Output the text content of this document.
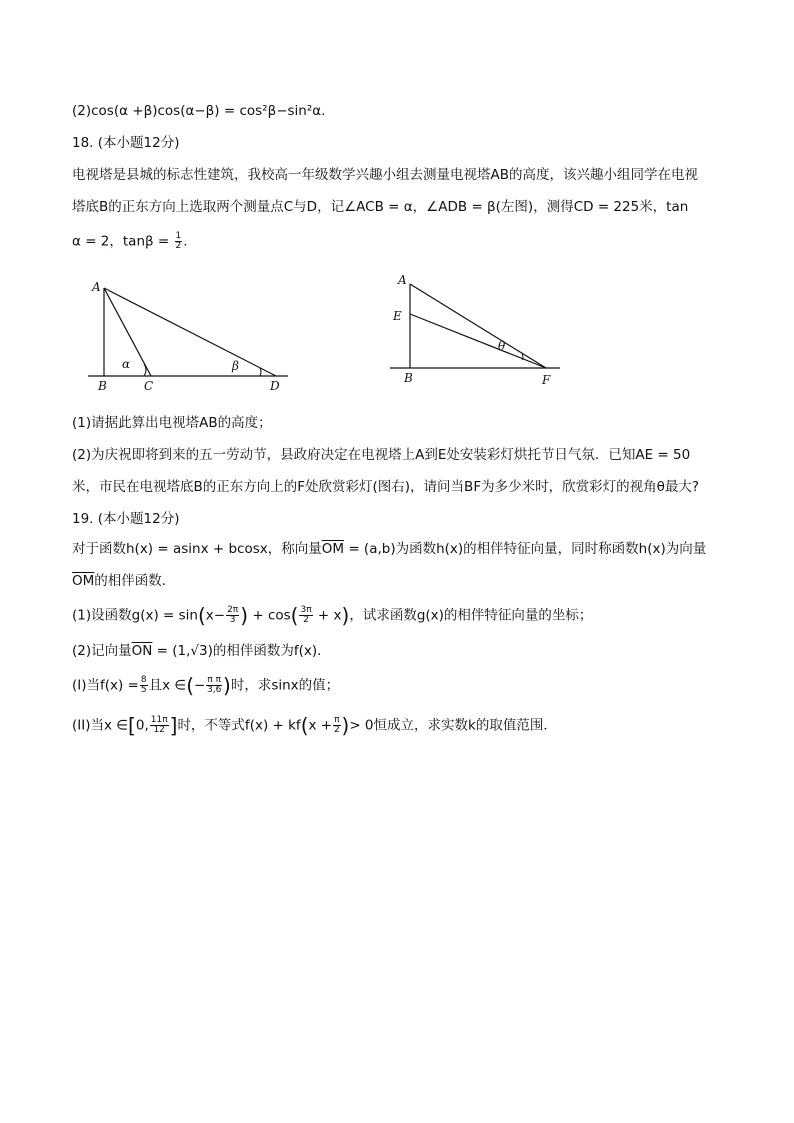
(2)cos(α +β)cos(α−β) = cos²β−sin²α.
18. (本小题12分)
电视塔是县城的标志性建筑，我校高一年级数学兴趣小组去测量电视塔AB的高度，该兴趣小组同学在电视
塔底B的正东方向上选取两个测量点C与D，记∠ACB = α，∠ADB = β(左图)，测得CD = 225米，tan
α = 2，$\tan\beta = \frac{1}{2}$ .
A
B	C	D
α	β
A
E
B	F
θ
(1)请据此算出电视塔AB的高度；
(2)为庆祝即将到来的五一劳动节，县政府决定在电视塔上A到E处安装彩灯烘托节日气氛．已知AE = 50
米，市民在电视塔底B的正东方向上的F处欣赏彩灯(图右)，请问当BF为多少米时，欣赏彩灯的视角θ最大?
19. (本小题12分)
对于函数h(x) = asinx + bcosx，称向量$\overline{OM} = (a,b)$为函数h(x)的相伴特征向量，同时称函数h(x)为向量
$\overline{OM}$的相伴函数．
(1)设函数$g(x) = \sin(x- \frac{2\pi}{3}$ ) + $\cos( \frac{3\pi}{2} + x)$，试求函数g(x)的相伴特征向量的坐标；
(2)记向量$\overline{ON} = (1,√3)$的相伴函数为f(x)．
(I)当$f(x) = \frac{8}{5}$ 且x ∈(− $\frac{\text{π π}}{3,6}$ )时，求sinx的值；
(II)当x ∈[0, $\frac{11\pi}{12}$ ]时，不等式$f(x) + kf(x + \frac{\pi}{2}$ )> 0恒成立，求实数k的取值范围．
